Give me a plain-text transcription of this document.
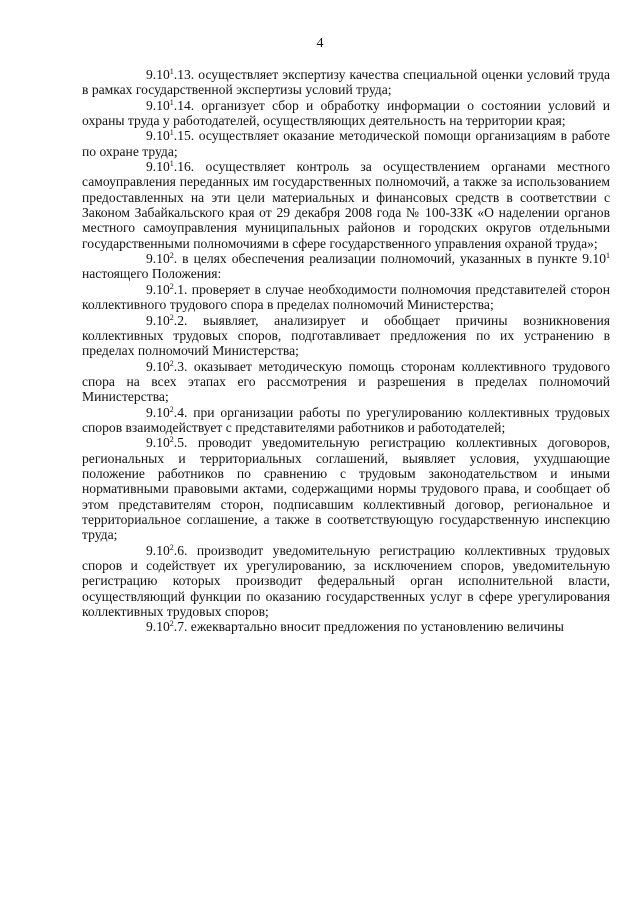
4

9.10$^1$.13. осуществляет экспертизу качества специальной оценки условий труда в рамках государственной экспертизы условий труда;

9.10$^1$.14. организует сбор и обработку информации о состоянии условий и охраны труда у работодателей, осуществляющих деятельность на территории края;

9.10$^1$.15. осуществляет оказание методической помощи организациям в работе по охране труда;

9.10$^1$.16. осуществляет контроль за осуществлением органами местного самоуправления переданных им государственных полномочий, а также за использованием предоставленных на эти цели материальных и финансовых средств в соответствии с Законом Забайкальского края от 29 декабря 2008 года № 100-ЗЗК «О наделении органов местного самоуправления муниципальных районов и городских округов отдельными государственными полномочиями в сфере государственного управления охраной труда»;

9.10$^2$. в целях обеспечения реализации полномочий, указанных в пункте 9.10$^1$ настоящего Положения:

9.10$^2$.1. проверяет в случае необходимости полномочия представителей сторон коллективного трудового спора в пределах полномочий Министерства;

9.10$^2$.2. выявляет, анализирует и обобщает причины возникновения коллективных трудовых споров, подготавливает предложения по их устранению в пределах полномочий Министерства;

9.10$^2$.3. оказывает методическую помощь сторонам коллективного трудового спора на всех этапах его рассмотрения и разрешения в пределах полномочий Министерства;

9.10$^2$.4. при организации работы по урегулированию коллективных трудовых споров взаимодействует с представителями работников и работодателей;

9.10$^2$.5. проводит уведомительную регистрацию коллективных договоров, региональных и территориальных соглашений, выявляет условия, ухудшающие положение работников по сравнению с трудовым законодательством и иными нормативными правовыми актами, содержащими нормы трудового права, и сообщает об этом представителям сторон, подписавшим коллективный договор, региональное и территориальное соглашение, а также в соответствующую государственную инспекцию труда;

9.10$^2$.6. производит уведомительную регистрацию коллективных трудовых споров и содействует их урегулированию, за исключением споров, уведомительную регистрацию которых производит федеральный орган исполнительной власти, осуществляющий функции по оказанию государственных услуг в сфере урегулирования коллективных трудовых споров;

9.10$^2$.7. ежеквартально вносит предложения по установлению величины
